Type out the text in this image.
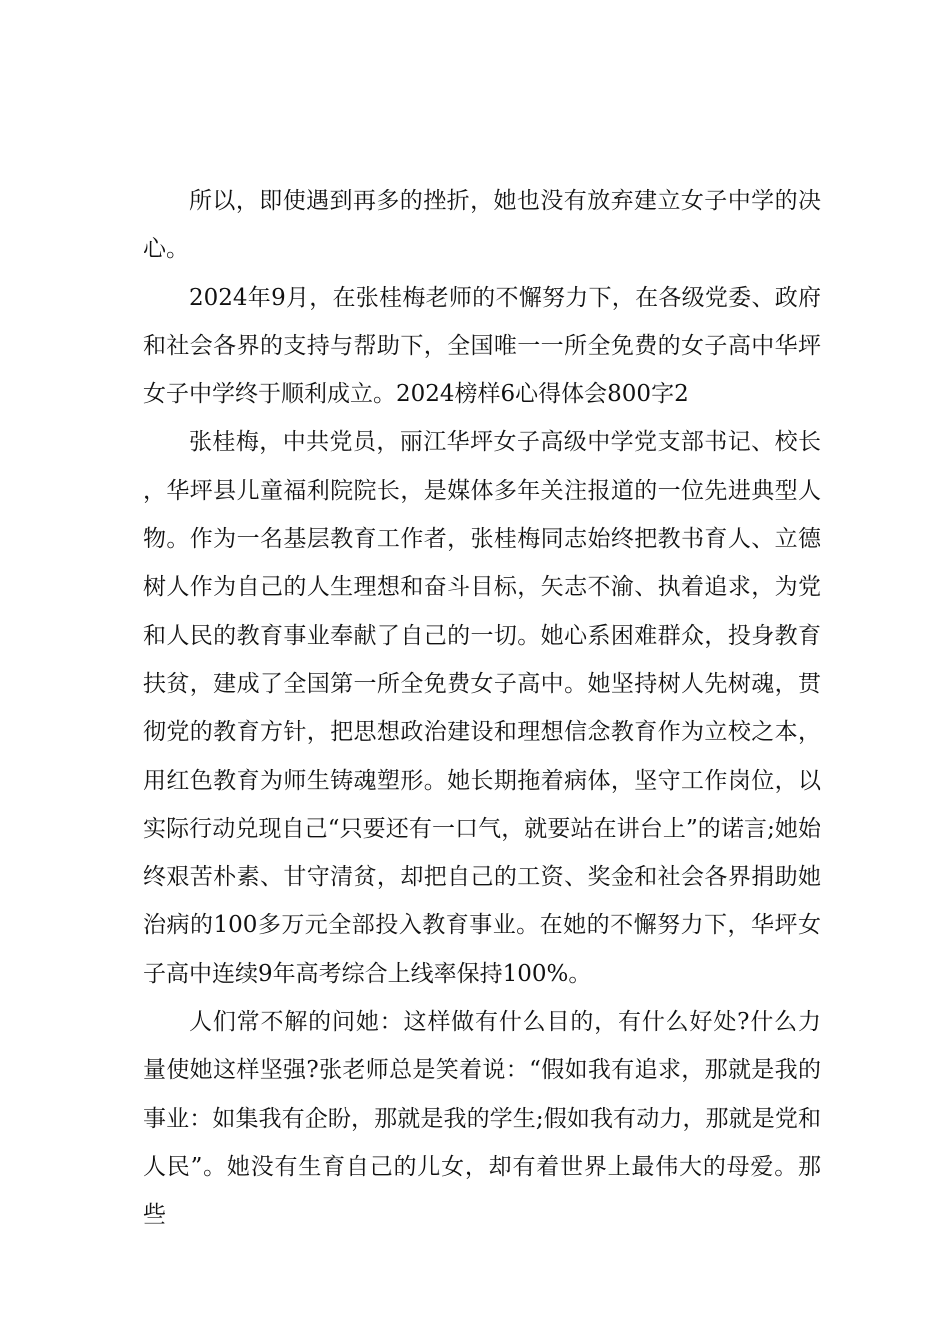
所以，即使遇到再多的挫折，她也没有放弃建立女子中学的决心。

2024年9月，在张桂梅老师的不懈努力下，在各级党委、政府和社会各界的支持与帮助下，全国唯一一所全免费的女子高中华坪女子中学终于顺利成立。2024榜样6心得体会800字2

张桂梅，中共党员，丽江华坪女子高级中学党支部书记、校长，华坪县儿童福利院院长，是媒体多年关注报道的一位先进典型人物。作为一名基层教育工作者，张桂梅同志始终把教书育人、立德树人作为自己的人生理想和奋斗目标，矢志不渝、执着追求，为党和人民的教育事业奉献了自己的一切。她心系困难群众，投身教育扶贫，建成了全国第一所全免费女子高中。她坚持树人先树魂，贯彻党的教育方针，把思想政治建设和理想信念教育作为立校之本，用红色教育为师生铸魂塑形。她长期拖着病体，坚守工作岗位，以实际行动兑现自己“只要还有一口气，就要站在讲台上”的诺言;她始终艰苦朴素、甘守清贫，却把自己的工资、奖金和社会各界捐助她治病的100多万元全部投入教育事业。在她的不懈努力下，华坪女子高中连续9年高考综合上线率保持100%。

人们常不解的问她：这样做有什么目的，有什么好处?什么力量使她这样坚强?张老师总是笑着说：“假如我有追求，那就是我的事业：如集我有企盼，那就是我的学生;假如我有动力，那就是党和人民”。她没有生育自己的儿女，却有着世界上最伟大的母爱。那些
